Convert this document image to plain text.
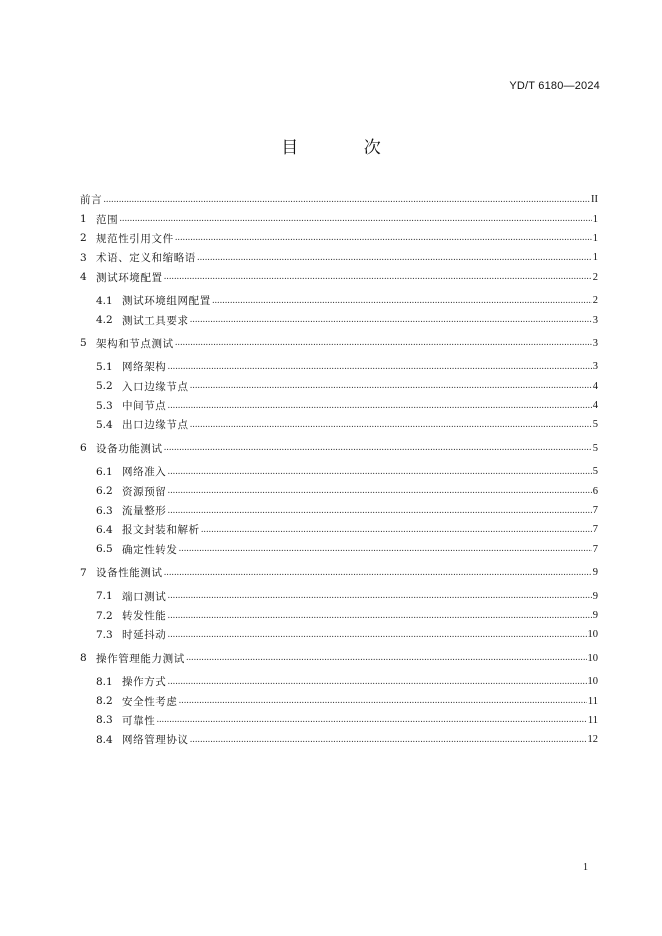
YD/T 6180—2024
目 次
前言 .....	II
1 范围 .....	1
2 规范性引用文件 .....	1
3 术语、定义和缩略语 .....	1
4 测试环境配置 .....	2
4.1 测试环境组网配置 .....	2
4.2 测试工具要求 .....	3
5 架构和节点测试 .....	3
5.1 网络架构 .....	3
5.2 入口边缘节点 .....	4
5.3 中间节点 .....	4
5.4 出口边缘节点 .....	5
6 设备功能测试 .....	5
6.1 网络准入 .....	5
6.2 资源预留 .....	6
6.3 流量整形 .....	7
6.4 报文封装和解析 .....	7
6.5 确定性转发 .....	7
7 设备性能测试 .....	9
7.1 端口测试 .....	9
7.2 转发性能 .....	9
7.3 时延抖动 .....	10
8 操作管理能力测试 .....	10
8.1 操作方式 .....	10
8.2 安全性考虑 .....	11
8.3 可靠性 .....	11
8.4 网络管理协议 .....	12
1
